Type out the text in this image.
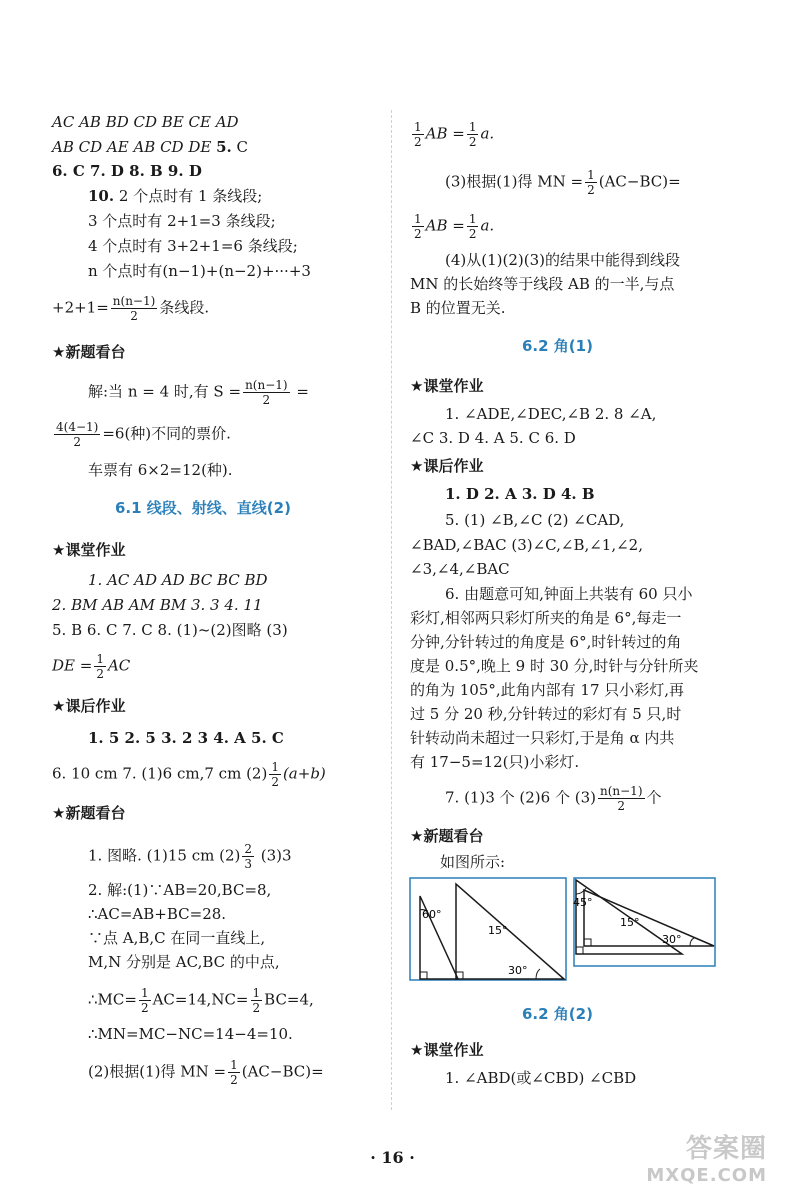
AC AB BD CD BE CE AD
AB CD AE AB CD DE 5. C
6. C 7. D 8. B 9. D
10. 2 个点时有 1 条线段;
3 个点时有 2+1=3 条线段;
4 个点时有 3+2+1=6 条线段;
n 个点时有(n−1)+(n−2)+···+3
$+2+1= \frac{n(n-1)}{2}$ 条线段.
★新题看台
解:当 n = 4 时,有 $S = \frac{n(n-1)}{2}$ =
$\frac{4(4-1)}{2} =6$(种)不同的票价.
车票有 6×2=12(种).
6.1 线段、射线、直线(2)
★课堂作业
1. AC AD AD BC BC BD
2. BM AB AM BM 3. 3 4. 11
5. B 6. C 7. C 8. (1)~(2)图略 (3)
DE = $\frac{1}{2}$ AC
★课后作业
1. 5 2. 5 3. 2 3 4. A 5. C
6. 10 cm 7. (1)6 cm,7 cm $(2) \frac{1}{2} (a+b)$
★新题看台
1. 图略. (1)15 cm $(2) \frac{2}{3} (3)3$
2. 解:(1)∵AB=20,BC=8,
∴AC=AB+BC=28.
∵点 A,B,C 在同一直线上,
M,N 分别是 AC,BC 的中点,
∴MC= $\frac{1}{2} AC=14,NC= \frac{1}{2} BC=4$,
∴MN=MC−NC=14−4=10.
(2)根据(1)得 MN = $\frac{1}{2} (AC-BC)=$
$\frac{1}{2}$ AB = $\frac{1}{2} a$.
(3)根据(1)得 MN = $\frac{1}{2} (AC-BC)=$
$\frac{1}{2}$ AB = $\frac{1}{2} a$.
(4)从(1)(2)(3)的结果中能得到线段
MN 的长始终等于线段 AB 的一半,与点
B 的位置无关.
6.2 角(1)
★课堂作业
1. ∠ADE,∠DEC,∠B 2. 8 ∠A,
∠C 3. D 4. A 5. C 6. D
★课后作业
1. D 2. A 3. D 4. B
5. (1) ∠B,∠C (2) ∠CAD,
∠BAD,∠BAC (3)∠C,∠B,∠1,∠2,
∠3,∠4,∠BAC
6. 由题意可知,钟面上共装有 60 只小
彩灯,相邻两只彩灯所夹的角是 6°,每走一
分钟,分针转过的角度是 6°,时针转过的角
度是 0.5°,晚上 9 时 30 分,时针与分针所夹
的角为 105°,此角内部有 17 只小彩灯,再
过 5 分 20 秒,分针转过的彩灯有 5 只,时
针转动尚未超过一只彩灯,于是角 α 内共
有 17−5=12(只)小彩灯.
7. (1)3 个 (2)6 个 $(3) \frac{n(n-1)}{2}$ 个
★新题看台
如图所示:
60°
15°
30°
45°
15°
30°
6.2 角(2)
★课堂作业
1. ∠ABD(或∠CBD) ∠CBD
· 16 ·	答案圈
MXQE.COM
